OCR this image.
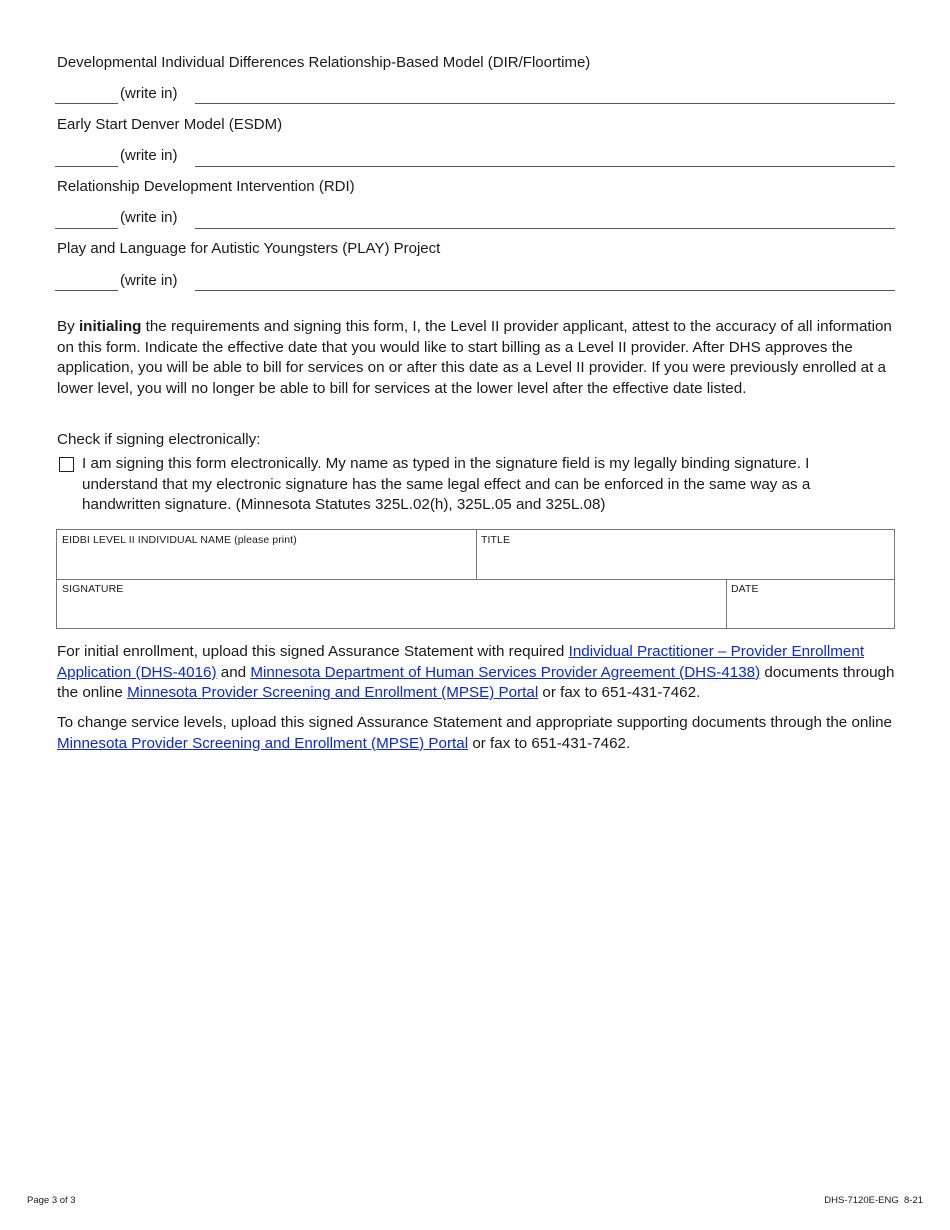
Developmental Individual Differences Relationship-Based Model (DIR/Floortime)
(write in)
Early Start Denver Model (ESDM)
(write in)
Relationship Development Intervention (RDI)
(write in)
Play and Language for Autistic Youngsters (PLAY) Project
(write in)
By initialing the requirements and signing this form, I, the Level II provider applicant, attest to the accuracy of all information on this form. Indicate the effective date that you would like to start billing as a Level II provider. After DHS approves the application, you will be able to bill for services on or after this date as a Level II provider. If you were previously enrolled at a lower level, you will no longer be able to bill for services at the lower level after the effective date listed.
Check if signing electronically:
I am signing this form electronically. My name as typed in the signature field is my legally binding signature. I understand that my electronic signature has the same legal effect and can be enforced in the same way as a handwritten signature. (Minnesota Statutes 325L.02(h), 325L.05 and 325L.08)
EIDBI LEVEL II INDIVIDUAL NAME (please print)	TITLE
SIGNATURE	DATE
For initial enrollment, upload this signed Assurance Statement with required Individual Practitioner – Provider Enrollment Application (DHS-4016) and Minnesota Department of Human Services Provider Agreement (DHS-4138) documents through the online Minnesota Provider Screening and Enrollment (MPSE) Portal or fax to 651-431-7462.
To change service levels, upload this signed Assurance Statement and appropriate supporting documents through the online Minnesota Provider Screening and Enrollment (MPSE) Portal or fax to 651-431-7462.
Page 3 of 3	DHS-7120E-ENG  8-21
